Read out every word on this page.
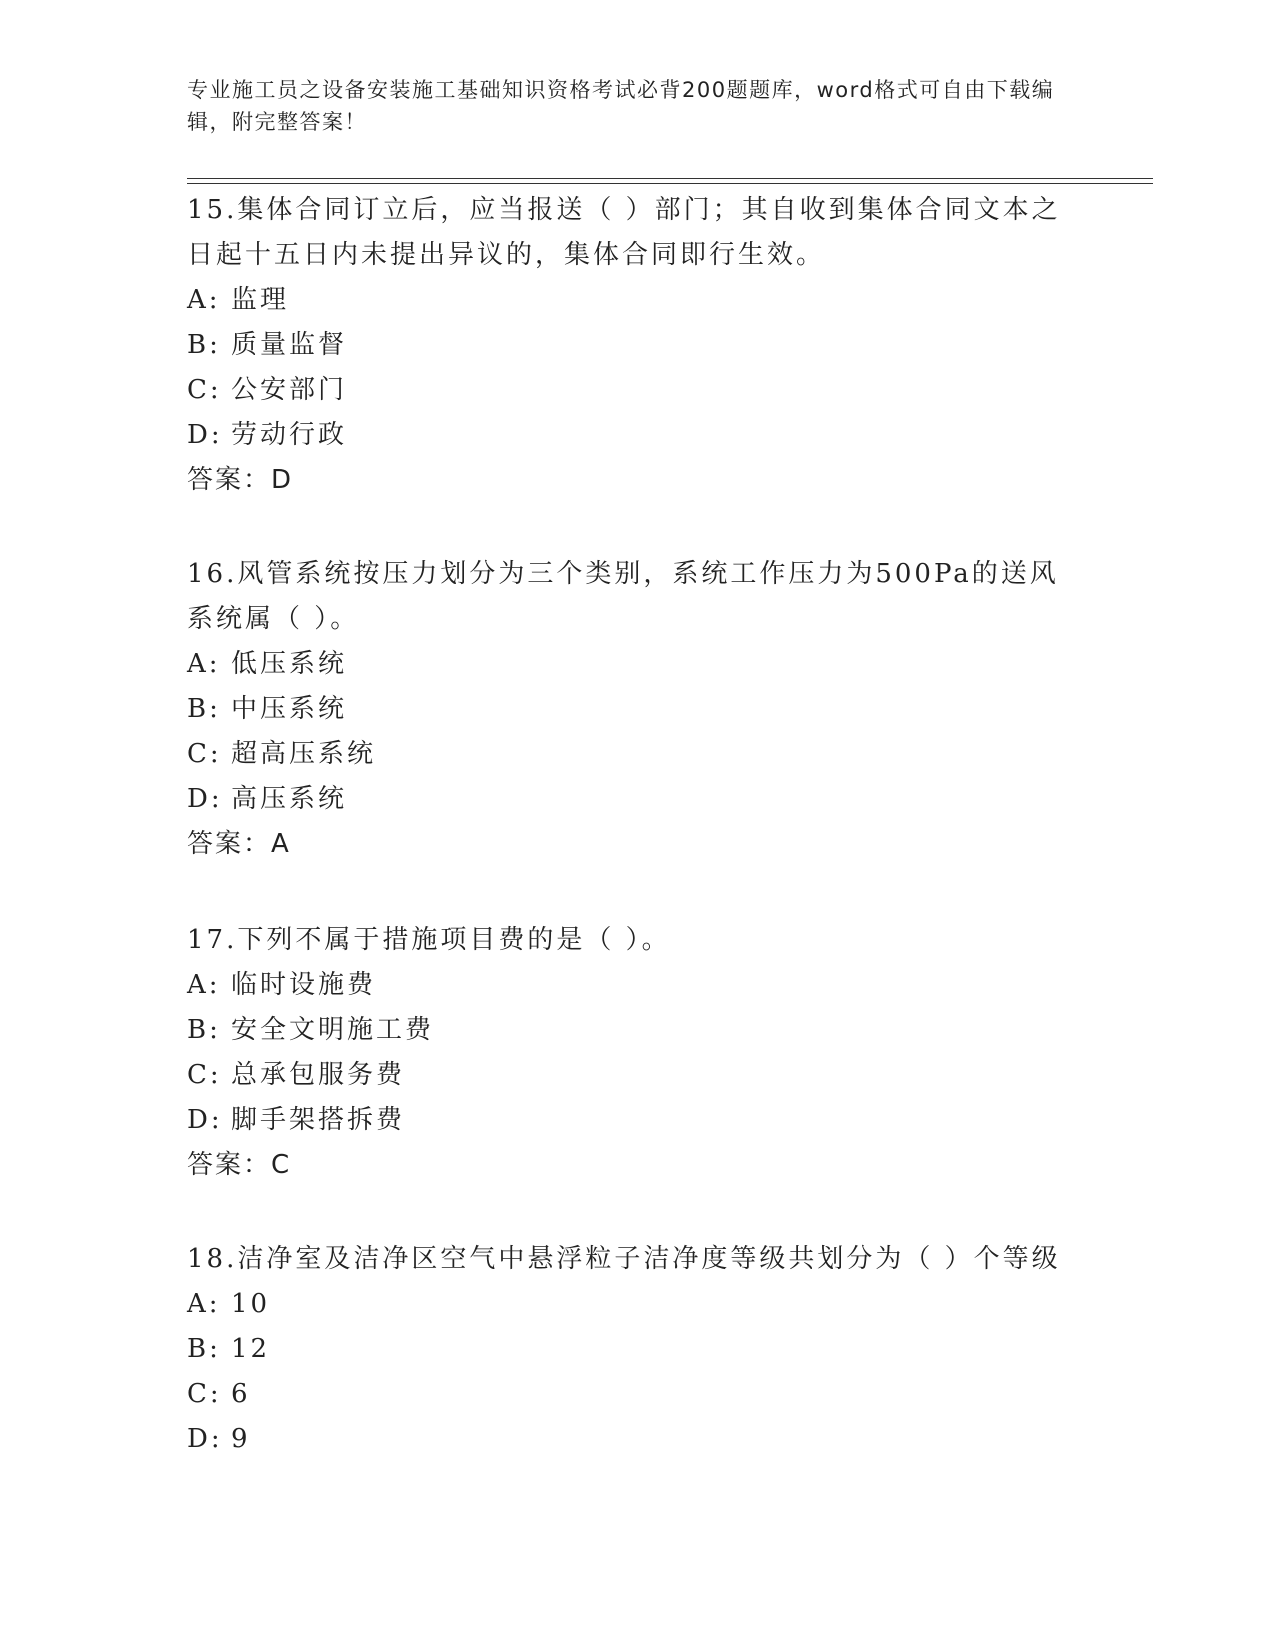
专业施工员之设备安装施工基础知识资格考试必背200题题库，word格式可自由下载编辑，附完整答案！

15.集体合同订立后，应当报送（ ）部门；其自收到集体合同文本之日起十五日内未提出异议的，集体合同即行生效。

A: 监理

B: 质量监督

C: 公安部门

D: 劳动行政

答案：D

16.风管系统按压力划分为三个类别，系统工作压力为500Pa的送风系统属（ ）。

A: 低压系统

B: 中压系统

C: 超高压系统

D: 高压系统

答案：A

17.下列不属于措施项目费的是（ ）。

A: 临时设施费

B: 安全文明施工费

C: 总承包服务费

D: 脚手架搭拆费

答案：C

18.洁净室及洁净区空气中悬浮粒子洁净度等级共划分为（ ）个等级

A: 10

B: 12

C: 6

D: 9
